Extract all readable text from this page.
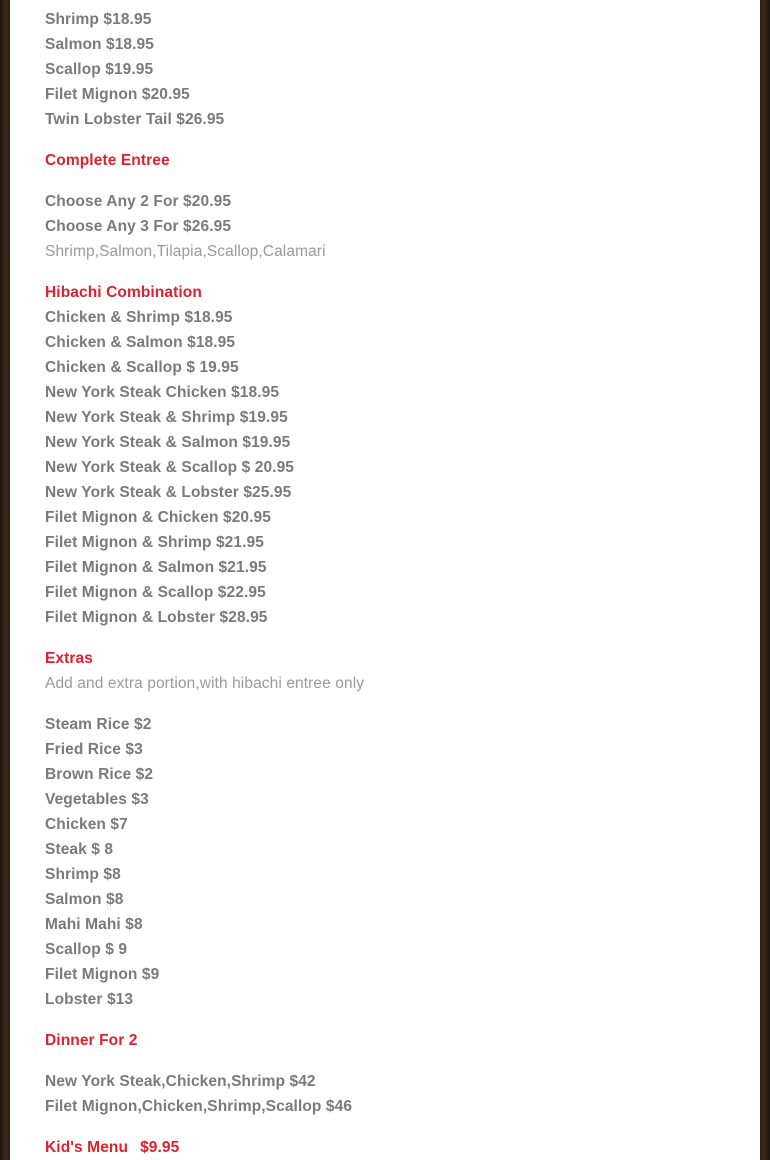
Shrimp $18.95
Salmon $18.95
Scallop $19.95
Filet Mignon $20.95
Twin Lobster Tail $26.95
Complete Entree
Choose Any 2 For $20.95
Choose Any 3 For $26.95
Shrimp,Salmon,Tilapia,Scallop,Calamari
Hibachi Combination
Chicken & Shrimp $18.95
Chicken & Salmon $18.95
Chicken & Scallop $ 19.95
New York Steak Chicken $18.95
New York Steak & Shrimp $19.95
New York Steak & Salmon $19.95
New York Steak & Scallop $ 20.95
New York Steak & Lobster $25.95
Filet Mignon & Chicken $20.95
Filet Mignon & Shrimp $21.95
Filet Mignon & Salmon $21.95
Filet Mignon & Scallop $22.95
Filet Mignon & Lobster $28.95
Extras
Add and extra portion,with hibachi entree only
Steam Rice $2
Fried Rice $3
Brown Rice $2
Vegetables $3
Chicken $7
Steak $ 8
Shrimp $8
Salmon $8
Mahi Mahi $8
Scallop $ 9
Filet Mignon $9
Lobster $13
Dinner For 2
New York Steak,Chicken,Shrimp $42
Filet Mignon,Chicken,Shrimp,Scallop $46
Kid's Menu $9.95
